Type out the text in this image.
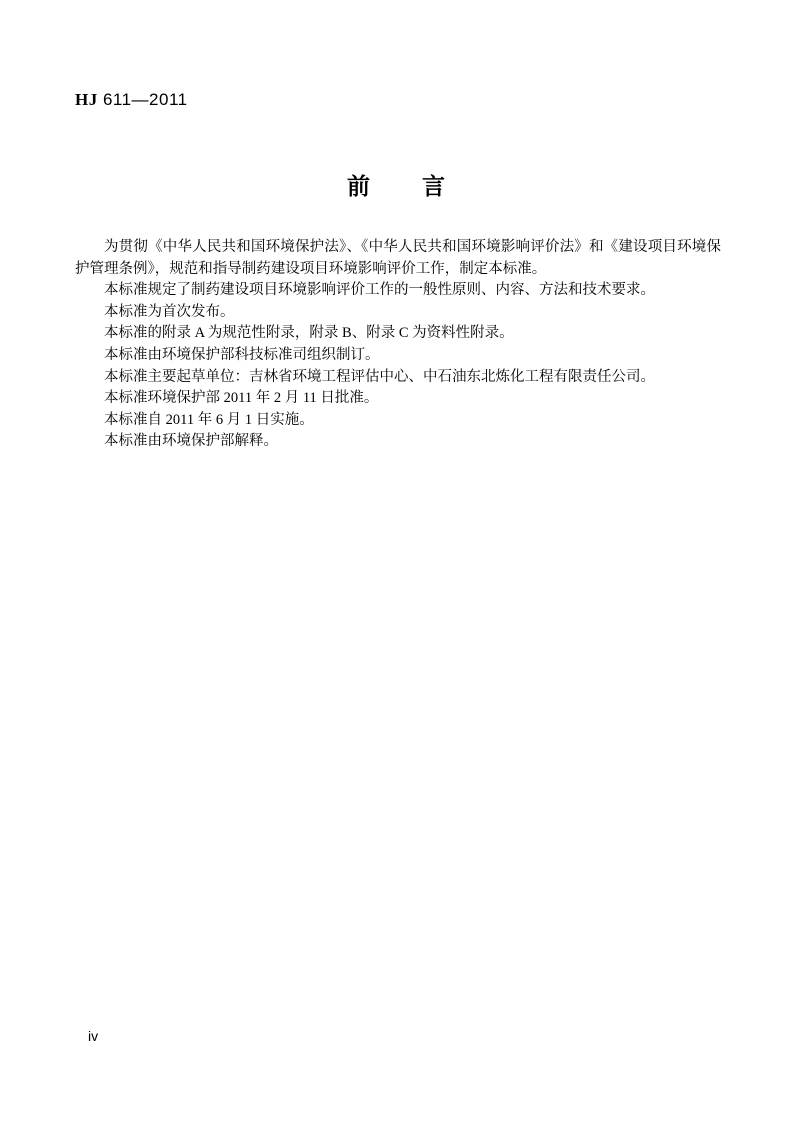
HJ 611—2011
前　　言

为贯彻《中华人民共和国环境保护法》、《中华人民共和国环境影响评价法》和《建设项目环境保护管理条例》，规范和指导制药建设项目环境影响评价工作，制定本标准。

本标准规定了制药建设项目环境影响评价工作的一般性原则、内容、方法和技术要求。

本标准为首次发布。

本标准的附录 A 为规范性附录，附录 B、附录 C 为资料性附录。

本标准由环境保护部科技标准司组织制订。

本标准主要起草单位：吉林省环境工程评估中心、中石油东北炼化工程有限责任公司。

本标准环境保护部 2011 年 2 月 11 日批准。

本标准自 2011 年 6 月 1 日实施。

本标准由环境保护部解释。

iv
